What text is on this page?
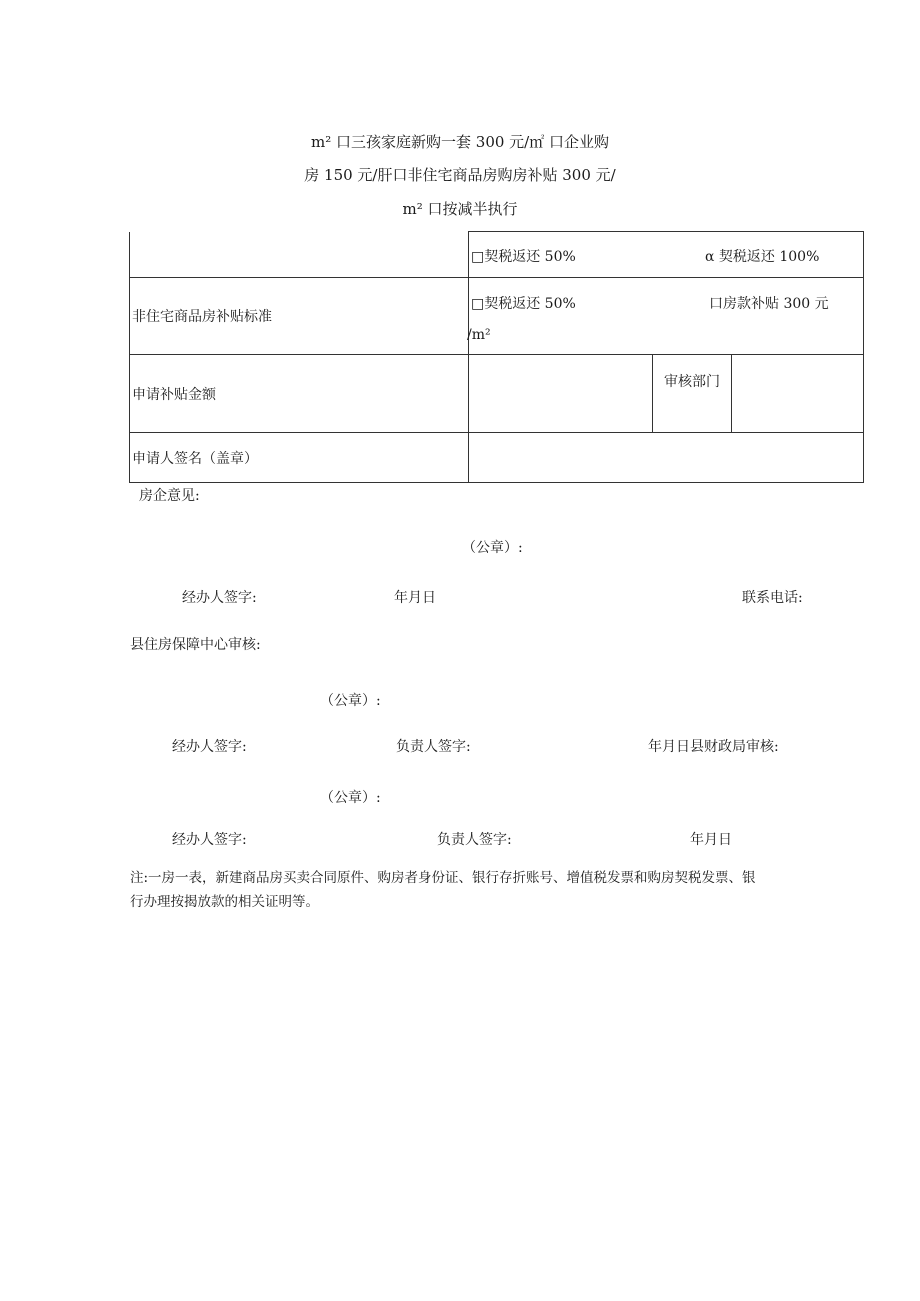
m² 口三孩家庭新购一套 300 元/㎡ 口企业购
房 150 元/肝口非住宅商品房购房补贴 300 元/
m² 口按减半执行

	□契税返还 50% α 契税返还 100%		

非住宅商品房补贴标准	□契税返还 50% 口房款补贴 300 元
/m²		

申请补贴金额		审核部门	

申请人签名（盖章）			
房企意见:
（公章）:
经办人签字:	年月日	联系电话:
县住房保障中心审核:
（公章）:
经办人签字:	负责人签字:	年月日县财政局审核:
（公章）:
经办人签字:	负责人签字:	年月日
注:一房一表，新建商品房买卖合同原件、购房者身份证、银行存折账号、增值税发票和购房契税发票、银
行办理按揭放款的相关证明等。
